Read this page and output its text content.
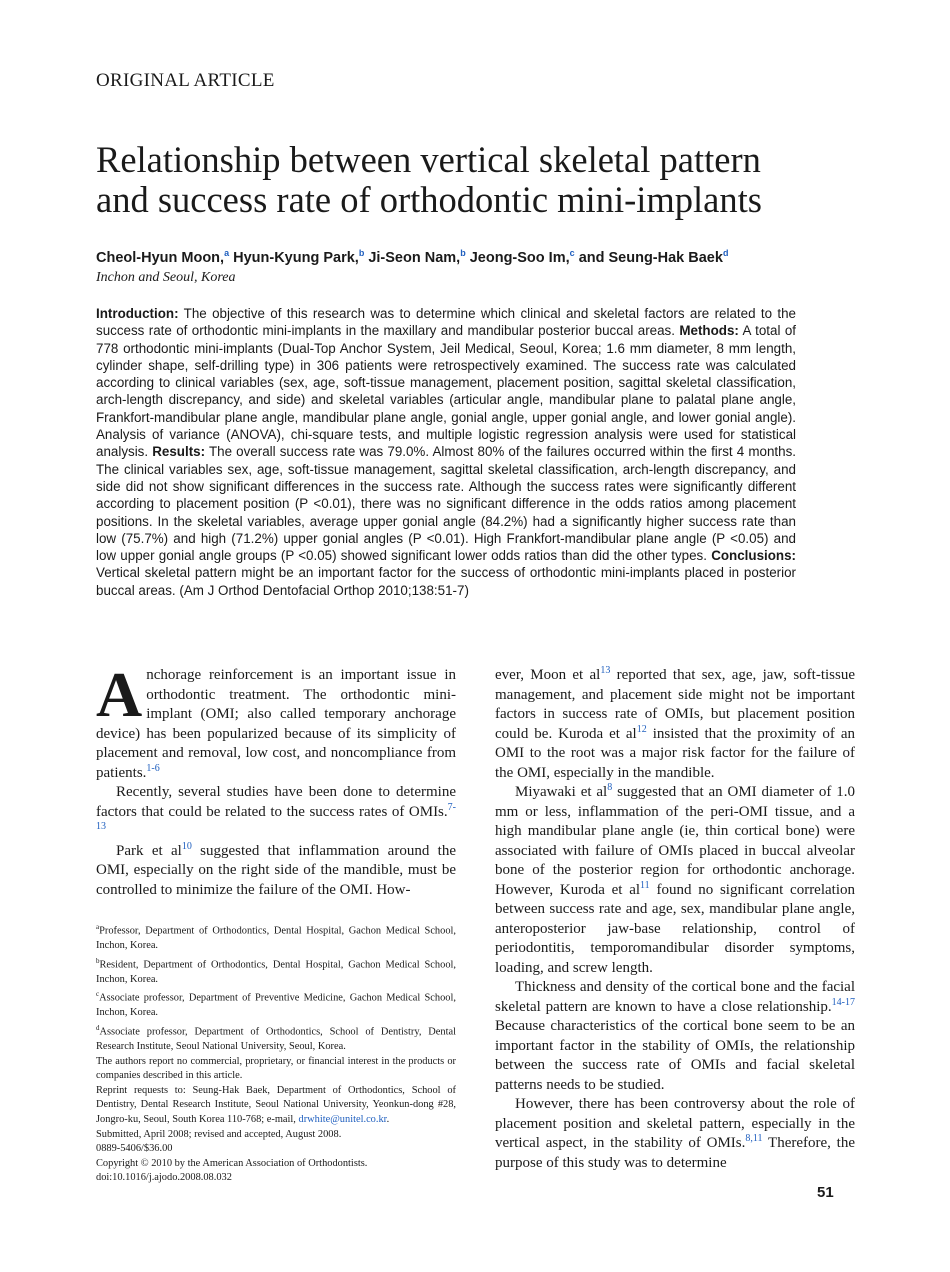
ORIGINAL ARTICLE
Relationship between vertical skeletal pattern
and success rate of orthodontic mini-implants
Cheol-Hyun Moon,$^a$ Hyun-Kyung Park,$^b$ Ji-Seon Nam,$^b$ Jeong-Soo Im,$^c$ and Seung-Hak Baek$^d$
Inchon and Seoul, Korea

Introduction: The objective of this research was to determine which clinical and skeletal factors are related to the success rate of orthodontic mini-implants in the maxillary and mandibular posterior buccal areas. Methods: A total of 778 orthodontic mini-implants (Dual-Top Anchor System, Jeil Medical, Seoul, Korea; 1.6 mm diameter, 8 mm length, cylinder shape, self-drilling type) in 306 patients were retrospectively examined. The success rate was calculated according to clinical variables (sex, age, soft-tissue management, placement position, sagittal skeletal classification, arch-length discrepancy, and side) and skeletal variables (articular angle, mandibular plane to palatal plane angle, Frankfort-mandibular plane angle, mandibular plane angle, gonial angle, upper gonial angle, and lower gonial angle). Analysis of variance (ANOVA), chi-square tests, and multiple logistic regression analysis were used for statistical analysis. Results: The overall success rate was 79.0%. Almost 80% of the failures occurred within the first 4 months. The clinical variables sex, age, soft-tissue management, sagittal skeletal classification, arch-length discrepancy, and side did not show significant differences in the success rate. Although the success rates were significantly different according to placement position (P <0.01), there was no significant difference in the odds ratios among placement positions. In the skeletal variables, average upper gonial angle (84.2%) had a significantly higher success rate than low (75.7%) and high (71.2%) upper gonial angles (P <0.01). High Frankfort-mandibular plane angle (P <0.05) and low upper gonial angle groups (P <0.05) showed significant lower odds ratios than did the other types. Conclusions: Vertical skeletal pattern might be an important factor for the success of orthodontic mini-implants placed in posterior buccal areas. (Am J Orthod Dentofacial Orthop 2010;138:51-7)

Anchorage reinforcement is an important issue in orthodontic treatment. The orthodontic mini-implant (OMI; also called temporary anchorage device) has been popularized because of its simplicity of placement and removal, low cost, and noncompliance from patients.$^{1-6}$

Recently, several studies have been done to determine factors that could be related to the success rates of OMIs.$^{7-13}$

Park et $al^{10}$ suggested that inflammation around the OMI, especially on the right side of the mandible, must be controlled to minimize the failure of the OMI. How-

ever, Moon et $al^{13}$ reported that sex, age, jaw, soft-tissue management, and placement side might not be important factors in success rate of OMIs, but placement position could be. Kuroda et $al^{12}$ insisted that the proximity of an OMI to the root was a major risk factor for the failure of the OMI, especially in the mandible.

Miyawaki et $al^8$ suggested that an OMI diameter of 1.0 mm or less, inflammation of the peri-OMI tissue, and a high mandibular plane angle (ie, thin cortical bone) were associated with failure of OMIs placed in buccal alveolar bone of the posterior region for orthodontic anchorage. However, Kuroda et $al^{11}$ found no significant correlation between success rate and age, sex, mandibular plane angle, anteroposterior jaw-base relationship, control of periodontitis, temporomandibular disorder symptoms, loading, and screw length.

Thickness and density of the cortical bone and the facial skeletal pattern are known to have a close relationship.$^{14-17}$ Because characteristics of the cortical bone seem to be an important factor in the stability of OMIs, the relationship between the success rate of OMIs and facial skeletal patterns needs to be studied.

However, there has been controversy about the role of placement position and skeletal pattern, especially in the vertical aspect, in the stability of OMIs.$^{8,11}$ Therefore, the purpose of this study was to determine

$^a$Professor, Department of Orthodontics, Dental Hospital, Gachon Medical School, Inchon, Korea.
$^b$Resident, Department of Orthodontics, Dental Hospital, Gachon Medical School, Inchon, Korea.
$^c$Associate professor, Department of Preventive Medicine, Gachon Medical School, Inchon, Korea.
$^d$Associate professor, Department of Orthodontics, School of Dentistry, Dental Research Institute, Seoul National University, Seoul, Korea.
The authors report no commercial, proprietary, or financial interest in the products or companies described in this article.
Reprint requests to: Seung-Hak Baek, Department of Orthodontics, School of Dentistry, Dental Research Institute, Seoul National University, Yeonkun-dong #28, Jongro-ku, Seoul, South Korea 110-768; e-mail, drwhite@unitel.co.kr.
Submitted, April 2008; revised and accepted, August 2008.
0889-5406/$36.00
Copyright © 2010 by the American Association of Orthodontists.
doi:10.1016/j.ajodo.2008.08.032
51
